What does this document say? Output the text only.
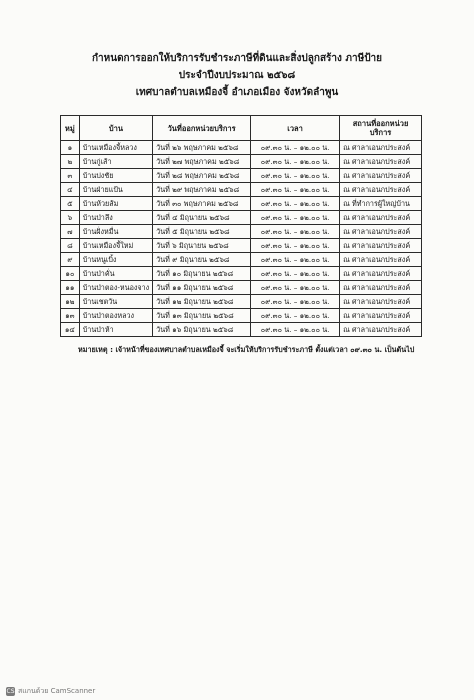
กำหนดการออกให้บริการรับชำระภาษีที่ดินและสิ่งปลูกสร้าง ภาษีป้าย
ประจำปีงบประมาณ ๒๕๖๘
เทศบาลตำบลเหมืองจี้ อำเภอเมือง จังหวัดลำพูน
หมู่	บ้าน	วันที่ออกหน่วยบริการ	เวลา	สถานที่ออกหน่วยบริการ
๑	บ้านเหมืองจี้หลวง	วันที่ ๒๖ พฤษภาคม ๒๕๖๘	๐๙.๓๐ น. – ๑๒.๐๐ น.	ณ ศาลาเอนกประสงค์
๒	บ้านกู่เส้า	วันที่ ๒๗ พฤษภาคม ๒๕๖๘	๐๙.๓๐ น. – ๑๒.๐๐ น.	ณ ศาลาเอนกประสงค์
๓	บ้านปงชัย	วันที่ ๒๘ พฤษภาคม ๒๕๖๘	๐๙.๓๐ น. – ๑๒.๐๐ น.	ณ ศาลาเอนกประสงค์
๔	บ้านฝ่ายแป้น	วันที่ ๒๙ พฤษภาคม ๒๕๖๘	๐๙.๓๐ น. – ๑๒.๐๐ น.	ณ ศาลาเอนกประสงค์
๕	บ้านห้วยส้ม	วันที่ ๓๐ พฤษภาคม ๒๕๖๘	๐๙.๓๐ น. – ๑๒.๐๐ น.	ณ ที่ทำการผู้ใหญ่บ้าน
๖	บ้านป่าลึง	วันที่ ๔ มิถุนายน ๒๕๖๘	๐๙.๓๐ น. – ๑๒.๐๐ น.	ณ ศาลาเอนกประสงค์
๗	บ้านฝั่งหมื่น	วันที่ ๕ มิถุนายน ๒๕๖๘	๐๙.๓๐ น. – ๑๒.๐๐ น.	ณ ศาลาเอนกประสงค์
๘	บ้านเหมืองจี้ใหม่	วันที่ ๖ มิถุนายน ๒๕๖๘	๐๙.๓๐ น. – ๑๒.๐๐ น.	ณ ศาลาเอนกประสงค์
๙	บ้านหนูเบิ้ง	วันที่ ๙ มิถุนายน ๒๕๖๘	๐๙.๓๐ น. – ๑๒.๐๐ น.	ณ ศาลาเอนกประสงค์
๑๐	บ้านป่าคั่น	วันที่ ๑๐ มิถุนายน ๒๕๖๘	๐๙.๓๐ น. – ๑๒.๐๐ น.	ณ ศาลาเอนกประสงค์
๑๑	บ้านป่าตอง-หนองจาง	วันที่ ๑๑ มิถุนายน ๒๕๖๘	๐๙.๓๐ น. – ๑๒.๐๐ น.	ณ ศาลาเอนกประสงค์
๑๒	บ้านเชตวัน	วันที่ ๑๒ มิถุนายน ๒๕๖๘	๐๙.๓๐ น. – ๑๒.๐๐ น.	ณ ศาลาเอนกประสงค์
๑๓	บ้านป่าตองหลวง	วันที่ ๑๓ มิถุนายน ๒๕๖๘	๐๙.๓๐ น. – ๑๒.๐๐ น.	ณ ศาลาเอนกประสงค์
๑๔	บ้านป่าห้า	วันที่ ๑๖ มิถุนายน ๒๕๖๘	๐๙.๓๐ น. – ๑๒.๐๐ น.	ณ ศาลาเอนกประสงค์
หมายเหตุ : เจ้าหน้าที่ของเทศบาลตำบลเหมืองจี้ จะเริ่มให้บริการรับชำระภาษี ตั้งแต่เวลา ๐๙.๓๐ น. เป็นต้นไป
CS สแกนด้วย CamScanner
